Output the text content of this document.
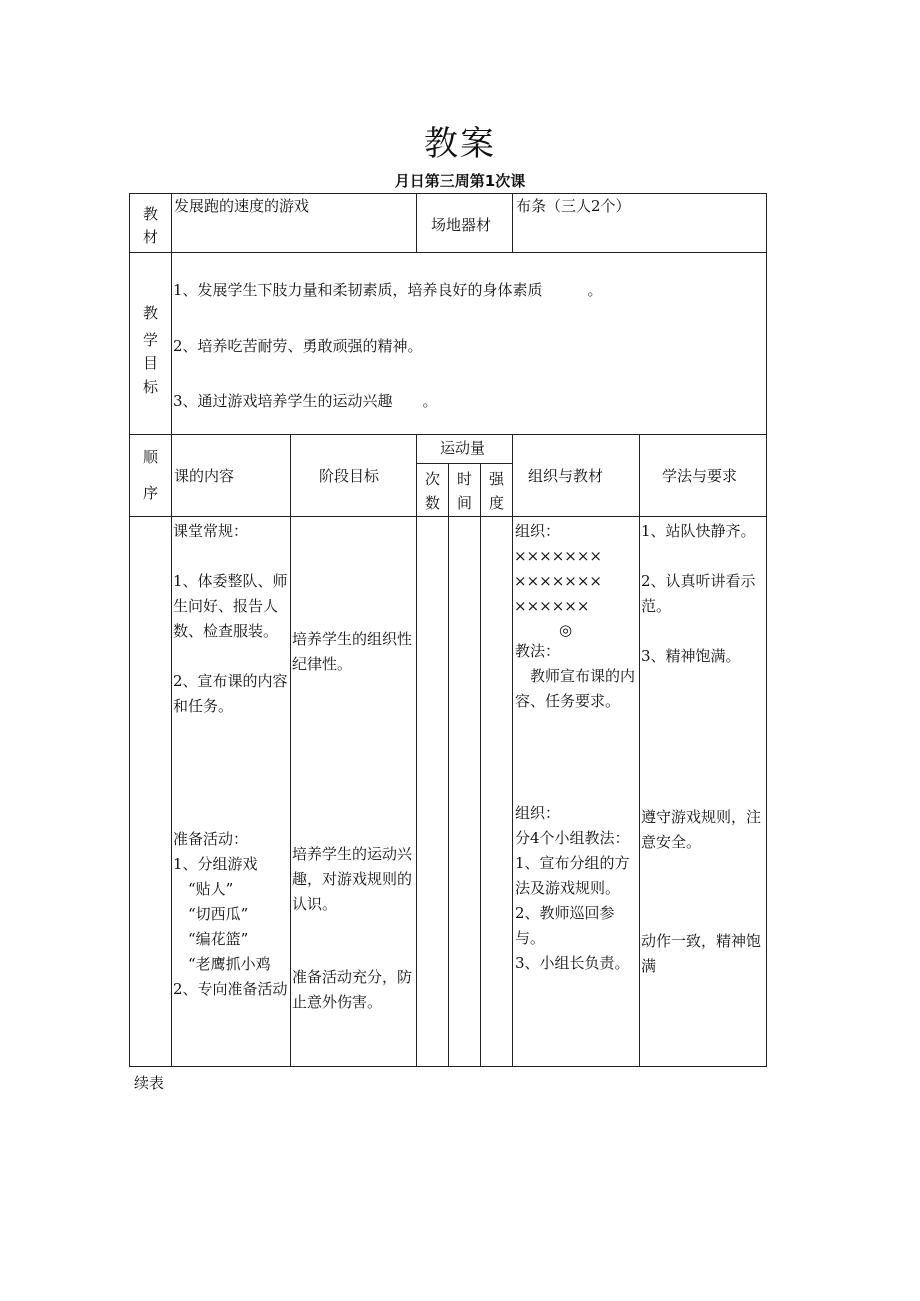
教案
月日第三周第1次课
教
材
发展跑的速度的游戏
场地器材
布条（三人2个）
教
学
目
标
1、发展学生下肢力量和柔韧素质，培养良好的身体素质　　　。
2、培养吃苦耐劳、勇敢顽强的精神。
3、通过游戏培养学生的运动兴趣　　。
顺
序
课的内容	阶段目标
运动量
次
数
时
间
强
度
组织与教材	学法与要求
课堂常规：

1、体委整队、师生问好、报告人数、检查服装。

2、宣布课的内容和任务。
准备活动：
1、分组游戏
　“贴人”
　“切西瓜”
　“编花篮”
　“老鹰抓小鸡
2、专向准备活动
培养学生的组织性纪律性。
培养学生的运动兴趣，对游戏规则的认识。
准备活动充分，防止意外伤害。
组织：
×××××××
×××××××
××××××
◎
教法：
　教师宣布课的内容、任务要求。
组织：
分4个小组教法：
1、宣布分组的方法及游戏规则。
2、教师巡回参与。
3、小组长负责。
1、站队快静齐。

2、认真听讲看示范。

3、精神饱满。
遵守游戏规则，注意安全。
动作一致，精神饱满
续表
